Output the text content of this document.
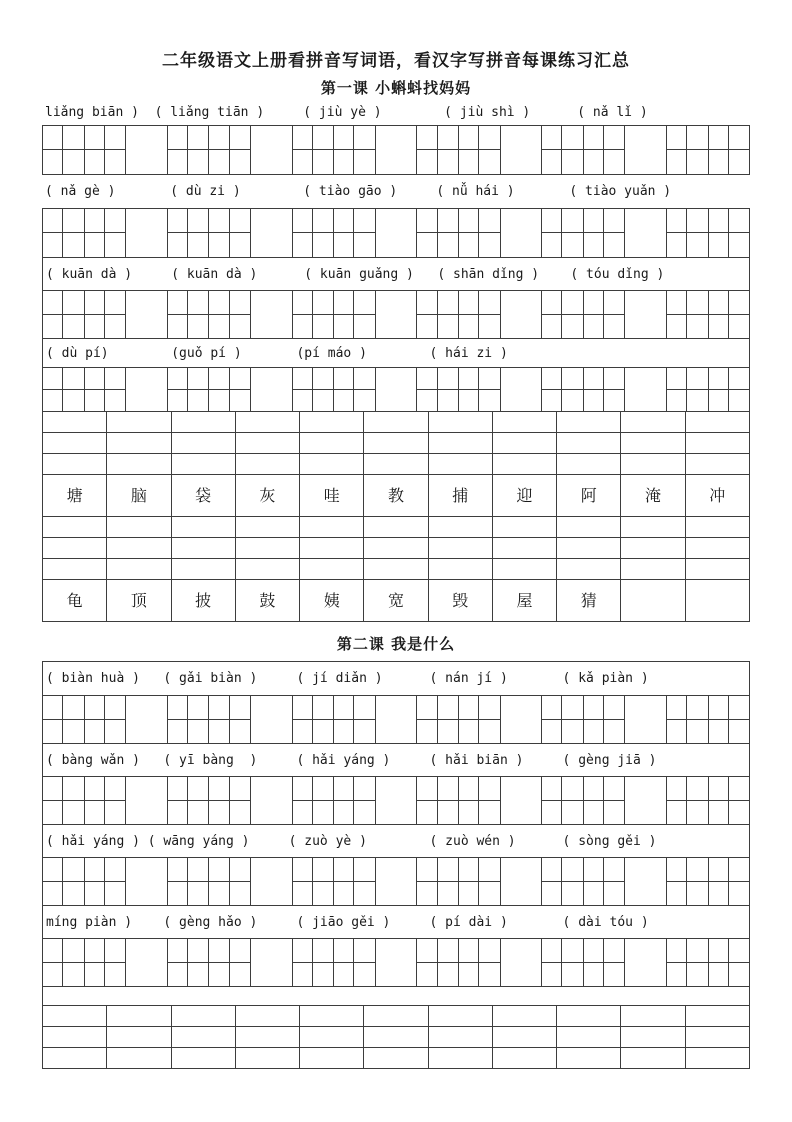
二年级语文上册看拼音写词语，看汉字写拼音每课练习汇总
第一课 小蝌蚪找妈妈
liǎng biān )  ( liǎng tiān )     ( jiù yè )        ( jiù shì )      ( nǎ lǐ )
( nǎ gè )       ( dù zi )        ( tiào gāo )     ( nǚ hái )       ( tiào yuǎn )
( kuān dà )     ( kuān dà )      ( kuān guǎng )   ( shān dǐng )    ( tóu dǐng )
( dù pí)        (guǒ pí )       (pí máo )        ( hái zi )
塘	脑	袋	灰	哇	教	捕	迎	阿	淹	冲
龟	顶	披	鼓	姨	宽	毁	屋	猜
第二课 我是什么
( biàn huà )   ( gǎi biàn )     ( jí diǎn )      ( nán jí )       ( kǎ piàn )
( bàng wǎn )   ( yī bàng  )     ( hǎi yáng )     ( hǎi biān )     ( gèng jiā )
( hǎi yáng ) ( wāng yáng )     ( zuò yè )        ( zuò wén )      ( sòng gěi )
míng piàn )    ( gèng hǎo )     ( jiāo gěi )     ( pí dài )       ( dài tóu )
